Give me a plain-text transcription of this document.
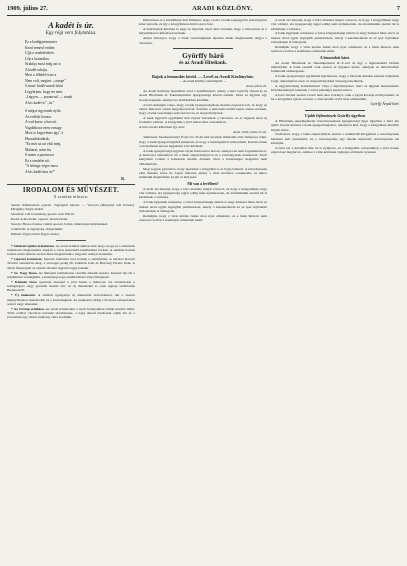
1909. július 27.	ARADI KÖZLÖNY.	7
A kadét is úr.
Egy régi vers folytatása.
Ez a hadügyminiszter
Kezd remeső ember,
Ujjá a rendeletekén
Lép a katonákra.
Szakítja most még azt is
A kadét ruhája,
Mert a főbérlő-tiszt a
Nem volt, megint: „cinege"
S most: kadét-urnak hívni
Legyűrjem, hogy ne mert
„Legyen, — parancsol — urnak
A kis kadét is" „úr."
S mégse ügyesnek nyila
Az erdélyi honsor
A vad kuruc a horvát,
Vagdalkozz ezen vonagy.
Most is kegyelmes úgy" a
Huszadokodnak:
"Ez már az urt első még
Maharat, mint fiu
S innen a parancsot
Ez a rendelet nő:
"A lelenge végre most
A kis kadét mia úr?"
R.
IRODALOM ÉS MŰVÉSZET.
A szinház műsora:

Szeda: Rubinsztein operett. Tegnaptól három. — Vacsora (Dirigálja Gál Ferenc). Dirigálja: Sugár Oskár.

Szombat: Lili bolondság operett. Irta: Hervé.

Kedd: A kis kadét, operett. Kerek bérlet.

Szerda: Havas Zsuzsa vidám operett, bérlet, hétköznapi helyárakkal.

Csütörtök: A cigányság. Népszínmű.

Péntek: Ügyes bérlő Ügyes bérlet.

* Szinházi épület átalakítása. Az aradi szinház épülete már elég rozoga és a szinészek rendszeres megbeszélés alapján a város képviselő-testületéhez fordult. A szinház hosszú évekre szóló bérlete szerint most megtörténik a nagyobb arányú átalakítás.

* Operett bemutató. Operett bemutató lesz holnap a szinházban. A darabot Kaczér Tivadar zenésítette meg, a szöveget pedig Dr. Kálmán Jenő és Herczeg Ferenc irták. A darab főszerepeit az előadó társulat legjobb tagjai játszák.

* Sz. Nagy Ilona. Az ünnepelt primadonna szerdán érkezik Aradra. Kétszer lép fel a szinházban vendégként, a közönség nagy érdeklődéssel várja fellépéseit.

* Kálmán Imre operettje szerepel a jövő héten a műsoron. Az előadásokat a szinigazgató nagy gonddal készíti elő, az új díszleteket is csak tegnap szállították Budapestről.

* Új énekesnő. A szinház igazgatója új énekesnőt szerződtetett, aki a szezon megnyitásakor mutatkozik be a közönségnek. Az énekesnő eddig a fővárosi színpadokon aratott nagy sikereket.

* Az Ország színháza. Az aradi színtársulat a nyári hónapokban vidéki körútra indul. Több erdélyi városban tartanak előadásokat, a nagy sikerű darabokat adják elő és a jövedelem egy részét jótékony célra fordítják.

Különösen az a körülmény kelt feltűnést, hogy a báró a bank legnagyobb részvényesei közé tartozik, és így a közgyűlésen döntő szava lesz.

A tisztviselők körében is nagy az izgalom, mert attól tartanak, hogy a változások az ő helyzetükre is kihatással lesznek.

Annyi bizonyos, hogy a bank vezetőségének eljárása élénk megbeszélés tárgya a városban.

Györffy báró
és az Aradi Hiteliank.
Bajok a lemondás körül. — Levél az Aradi Közlönyhöz.
— Az Aradi Közlöny tudósítójától. —
Arad, július 26.

Az Aradi Közlöny beszámolt arról a konfliktusról, amely a báró Györffy Árpád és az Aradi Hitelbank és Takarékpénztár igazgatósága között támadt. Most az ügyben egy levelet kaptunk, amelyet az alábbiakban közlünk.

A báró kétségbe vonja, hogy a bank igazgatóságának eljárása jogszerű volt, és hogy az ellene felhozott vádak megalapozottak. Szerinte a lemondás körüli bajok onnan erednek, hogy a bank vezetősége nem tartotta be az alapszabályokat.

A bank ügyeiről egyébként már régóta beszélnek a városban, és az ügynek most új fordulata várható. A közgyűlés a jövő héten dönt a kérdésben.

A báró levele különben így szól:

Arad, 1909. július 25-én.

Tekintetes Szerkesztőség! Folyó hó 23-án kelt levelem mindenki előtt ismeretes lehet, hogy a bank igazgatóságából kiléptem, és hogy a tisztségemről lemondtam. Kérem ennek a levelemnek becses lapjukban való közlését.

A bank igazgatósága ugyanis olyan határozatot hozott, amelyet én nem fogadhattam el. A határozat ellentétben áll a bank alapszabályaival és a részvényesek érdekeivel. Ezért kénytelen voltam a lemondás mellett dönteni, mert a felelősséget magamra nem vállalhattam.

Meg vagyok győződve, hogy igazamat a közgyűlés is el fogja ismerni. A részvényesek előtt minden iratot be fogok mutatni, amely a vitás kérdésre vonatkozik, és akkor mindenki megítélheti, ki járt el helyesen.

Mi van a levélben?

A levél azt mutatja, hogy a báró elszánta magát a harcra, és hogy a közgyűlésen nagy vita várható. Az igazgatóság tagjai eddig nem nyilatkoztak, de értesülésünk szerint ők is készülnek a válaszra.

A bank ügyeinek rendezése a város közgazdasági életére is nagy hatással lehet, mert az intézet Arad egyik legrégibb pénzintézete, amely a kereskedelem és az ipar fejlődését évtizedeken át támogatta.

Reméljük, hogy a vitás kérdés békés úton nyer elintézést, és a bank hírneve nem szenved csorbát a személyes ellentétek miatt.

A levél azt mutatja, hogy a báró elszánta magát a harcra, és hogy a közgyűlésen nagy vita várható. Az igazgatóság tagjai eddig nem nyilatkoztak, de értesülésünk szerint ők is készülnek a válaszra.

A bank ügyeinek rendezése a város közgazdasági életére is nagy hatással lehet, mert az intézet Arad egyik legrégibb pénzintézete, amely a kereskedelem és az ipar fejlődését évtizedeken át támogatta.

Reméljük, hogy a vitás kérdés békés úton nyer elintézést, és a bank hírneve nem szenved csorbát a személyes ellentétek miatt.

A lemondott báró.

Az Aradi Hitelbank és Takarékpénztár R.-T.-nál az ügy a legközelebbi időben elintéződik. A bank ezentúl csak azokat az ügyeket intézi, amelyek az üzletvitelhez feltétlenül szükségesek.

A bank igazgatósága egyébként kijelentette, hogy a bárónak minden kérését teljesíteni fogja, amennyiben azok az alapszabályokkal összeegyeztethetők.

A nagyközönség érdeklődéssel várja a fejleményeket, mert az ügynek messzemenő következményei lehetnek a város pénzügyi életére nézve.

A báró barátai szerint a báró nem akar botrányt, csak a jogait kívánja érvényesíteni, és ha a közgyűlés igazat ad neki, a vitás kérdés rövid úton elintéződik.

Györffy Árpád báró
Ujabb fejlemények Györffy ügyében

A Hitelbank takarékpénztár részvényeseinek igazgatósági ügye ügyében a báró ma újabb levelet intézett a bank igazgatóságához, amelyben kéri, hogy a közgyűlést mielőbb hívják össze.

Tudvalevő, hogy a bank alapszabályai szerint a rendkívüli közgyűlést a részvényesek kérésére kell összehívni, ha a részvénytőke egy tizedét képviselő részvényesek azt kívánják.

A báró ezt a kérelmet már be is nyújtotta, és a közgyűlés valószínűleg a jövő hónap elején lesz megtartva, amikor a vitás kérdések végleges eldöntést nyernek.
